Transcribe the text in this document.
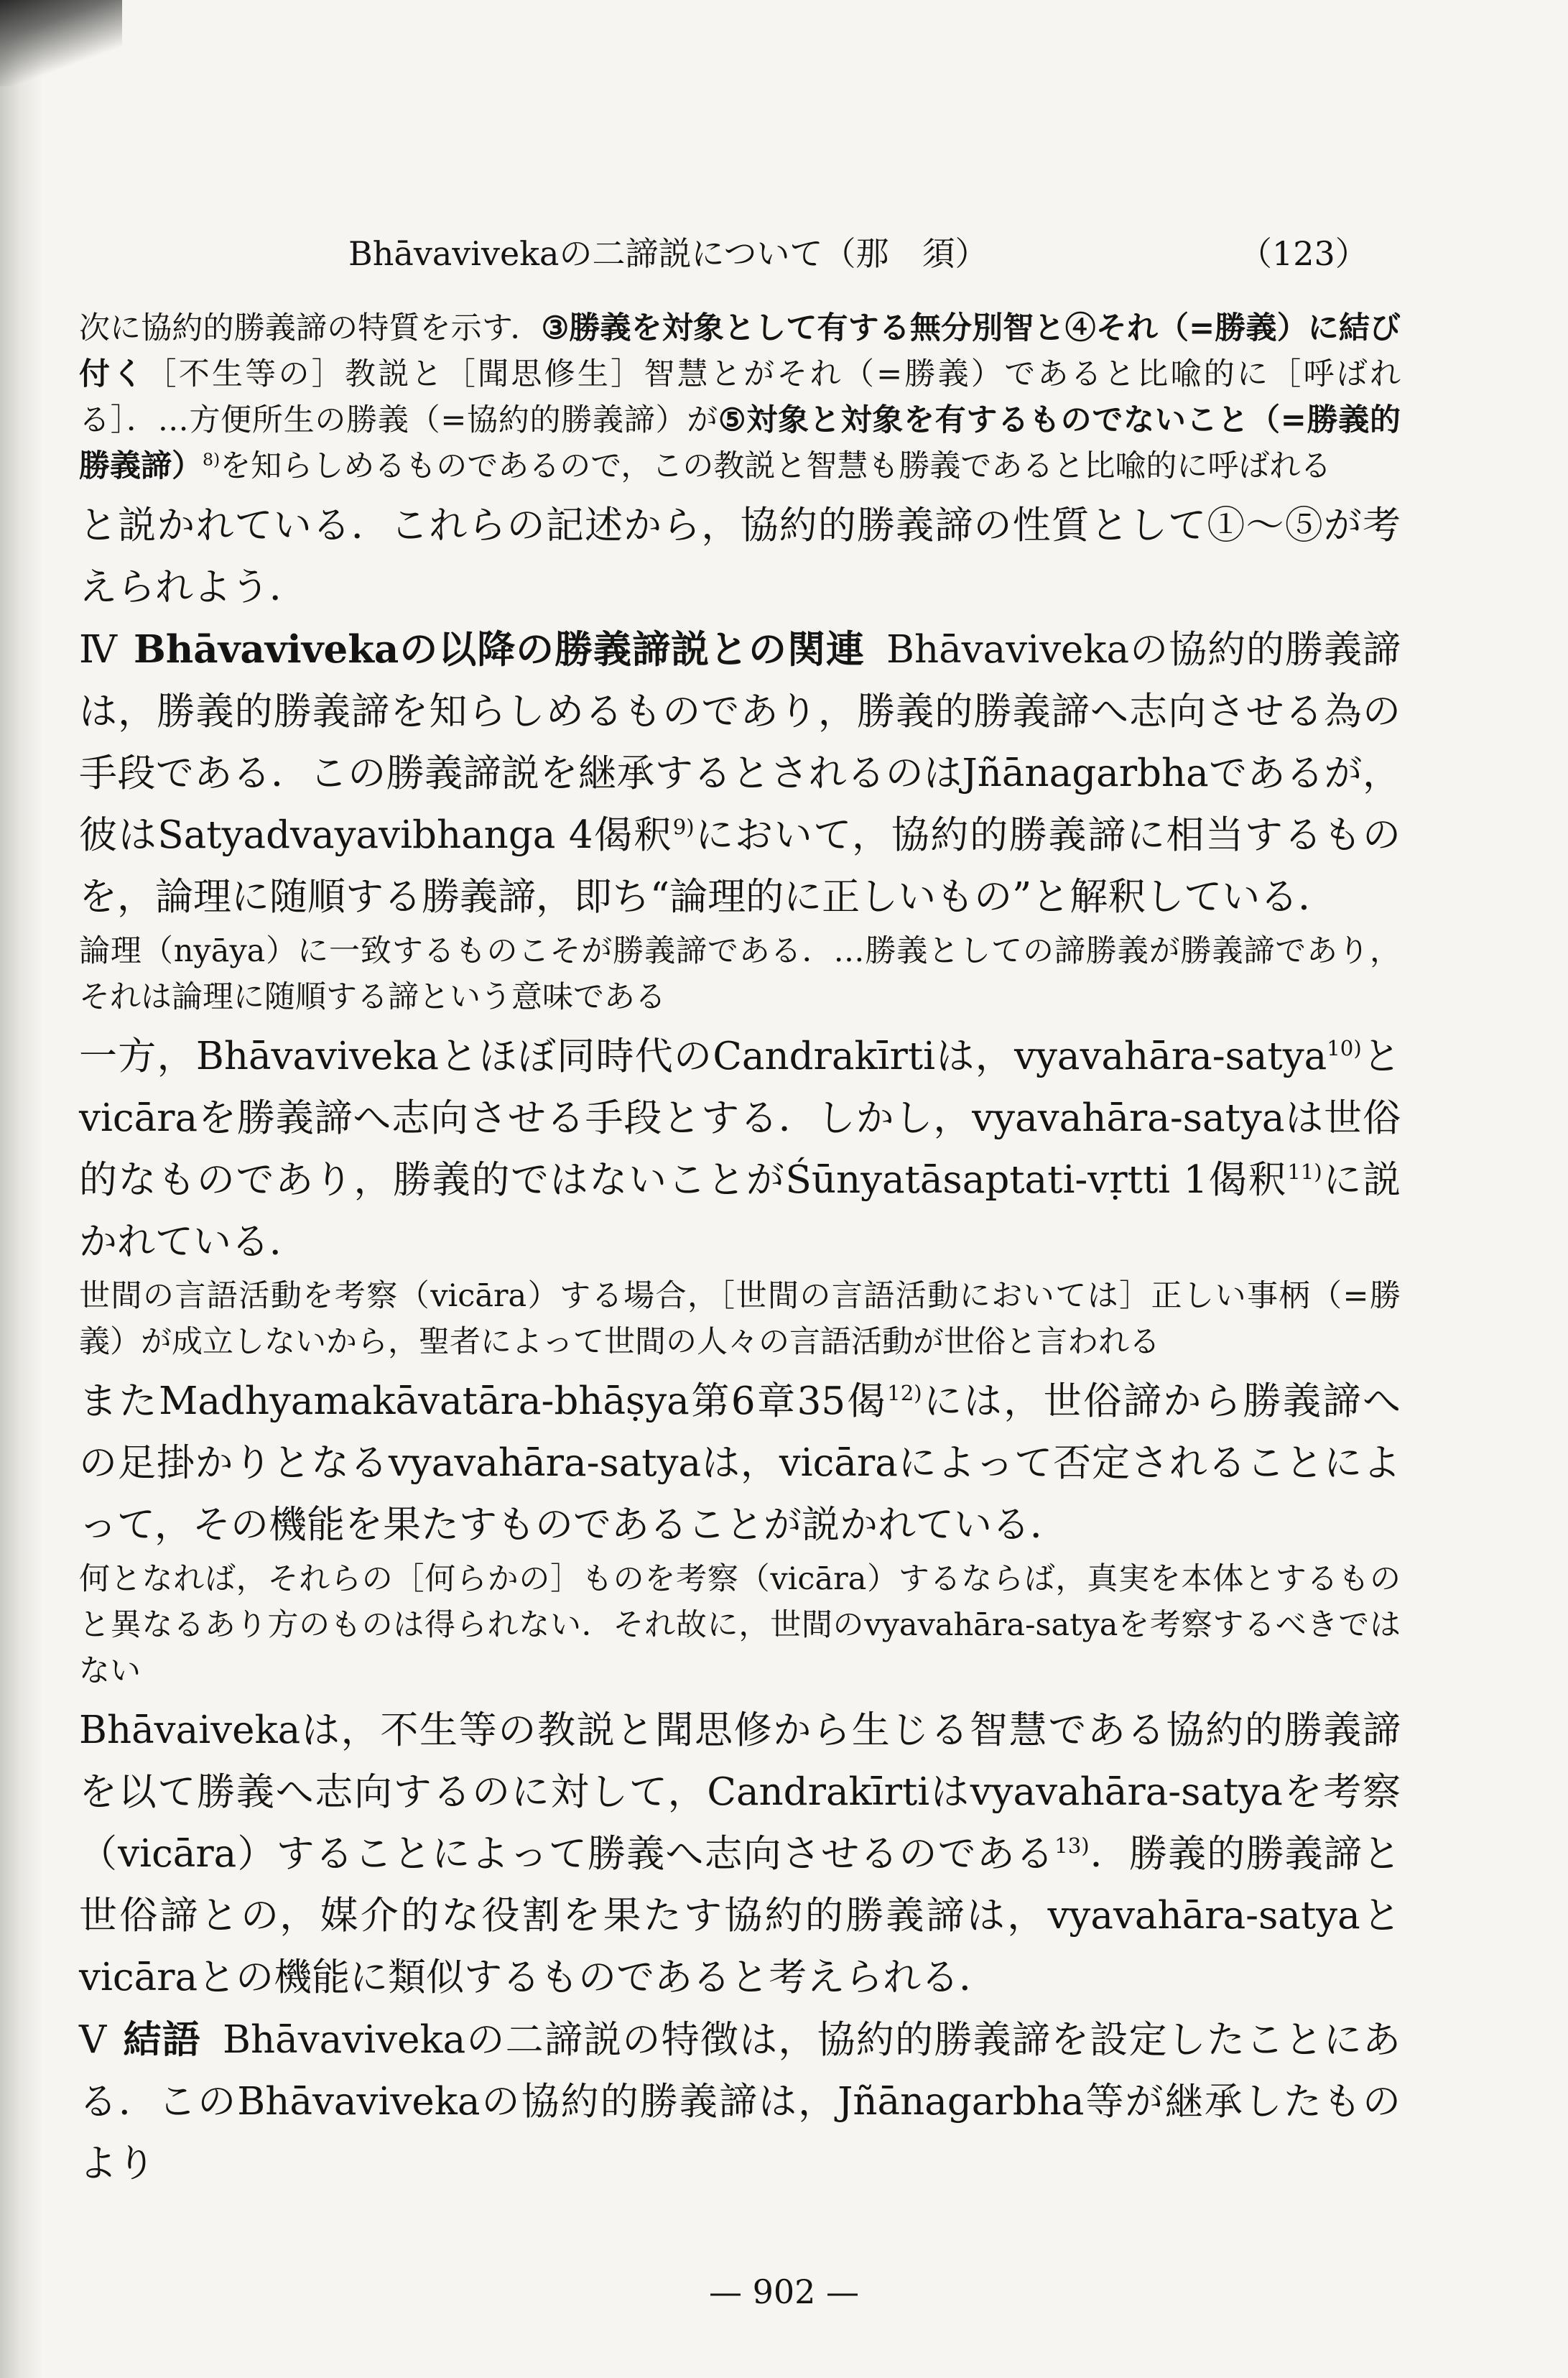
Bhāvavivekaの二諦説について（那　須）	（123）

次に協約的勝義諦の特質を示す．③勝義を対象として有する無分別智と④それ（=勝義）に結び付く［不生等の］教説と［聞思修生］智慧とがそれ（=勝義）であると比喩的に［呼ばれる］．…方便所生の勝義（=協約的勝義諦）が⑤対象と対象を有するものでないこと（=勝義的勝義諦）$^{8)}$を知らしめるものであるので，この教説と智慧も勝義であると比喩的に呼ばれる

と説かれている．これらの記述から，協約的勝義諦の性質として①〜⑤が考えられよう．

Ⅳ Bhāvavivekaの以降の勝義諦説との関連 Bhāvavivekaの協約的勝義諦は，勝義的勝義諦を知らしめるものであり，勝義的勝義諦へ志向させる為の手段である．この勝義諦説を継承するとされるのはJñānagarbhaであるが，彼はSatyadvayavibhanga 4偈釈$^{9)}$において，協約的勝義諦に相当するものを，論理に随順する勝義諦，即ち“論理的に正しいもの”と解釈している．

論理（nyāya）に一致するものこそが勝義諦である．…勝義としての諦勝義が勝義諦であり，それは論理に随順する諦という意味である

一方，Bhāvavivekaとほぼ同時代のCandrakīrtiは，vyavahāra-satya$^{10)}$とvicāraを勝義諦へ志向させる手段とする．しかし，vyavahāra-satyaは世俗的なものであり，勝義的ではないことがŚūnyatāsaptati-vṛtti 1偈釈$^{11)}$に説かれている．

世間の言語活動を考察（vicāra）する場合，［世間の言語活動においては］正しい事柄（=勝義）が成立しないから，聖者によって世間の人々の言語活動が世俗と言われる

またMadhyamakāvatāra-bhāṣya第6章35偈$^{12)}$には，世俗諦から勝義諦への足掛かりとなるvyavahāra-satyaは，vicāraによって否定されることによって，その機能を果たすものであることが説かれている．

何となれば，それらの［何らかの］ものを考察（vicāra）するならば，真実を本体とするものと異なるあり方のものは得られない．それ故に，世間のvyavahāra-satyaを考察するべきではない

Bhāvaivekaは，不生等の教説と聞思修から生じる智慧である協約的勝義諦を以て勝義へ志向するのに対して，Candrakīrtiはvyavahāra-satyaを考察（vicāra）することによって勝義へ志向させるのである$^{13)}$．勝義的勝義諦と世俗諦との，媒介的な役割を果たす協約的勝義諦は，vyavahāra-satyaとvicāraとの機能に類似するものであると考えられる．

Ⅴ 結語 Bhāvavivekaの二諦説の特徴は，協約的勝義諦を設定したことにある．このBhāvavivekaの協約的勝義諦は，Jñānagarbha等が継承したものより

— 902 —
